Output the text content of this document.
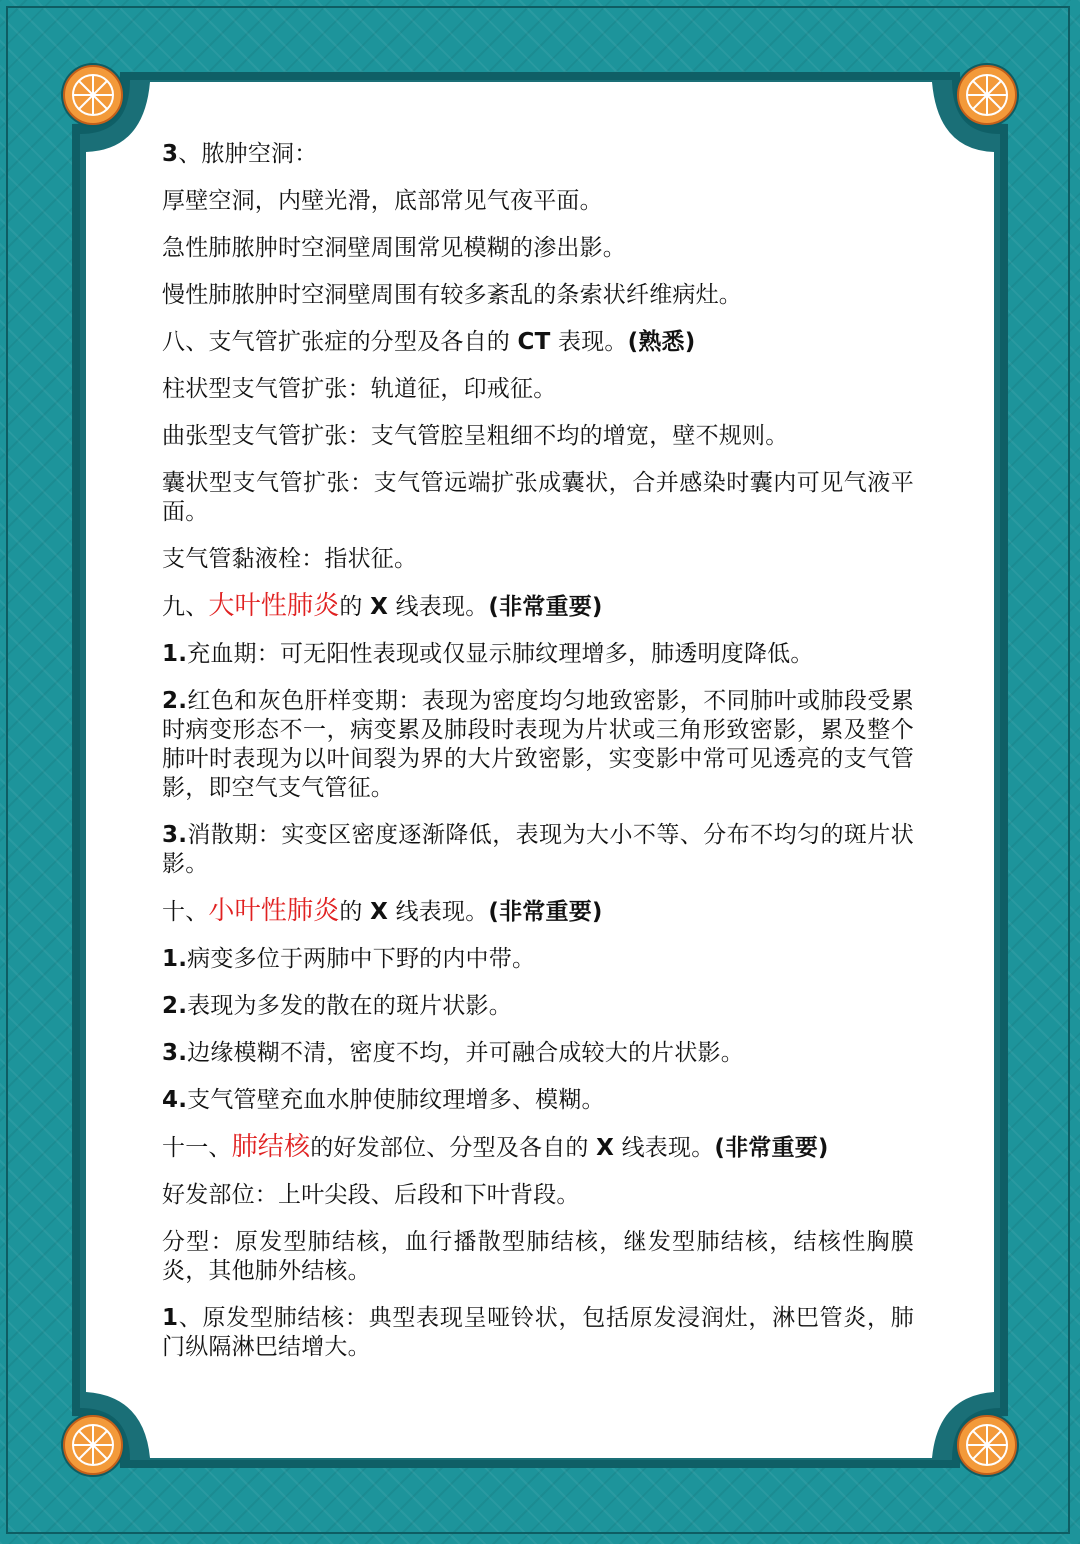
3、脓肿空洞：

厚壁空洞，内壁光滑，底部常见气夜平面。

急性肺脓肿时空洞壁周围常见模糊的渗出影。

慢性肺脓肿时空洞壁周围有较多紊乱的条索状纤维病灶。

八、支气管扩张症的分型及各自的 CT 表现。(熟悉)

柱状型支气管扩张：轨道征，印戒征。

曲张型支气管扩张：支气管腔呈粗细不均的增宽，壁不规则。

囊状型支气管扩张：支气管远端扩张成囊状，合并感染时囊内可见气液平面。

支气管黏液栓：指状征。

九、大叶性肺炎的 X 线表现。(非常重要)

1.充血期：可无阳性表现或仅显示肺纹理增多，肺透明度降低。

2.红色和灰色肝样变期：表现为密度均匀地致密影，不同肺叶或肺段受累时病变形态不一，病变累及肺段时表现为片状或三角形致密影，累及整个肺叶时表现为以叶间裂为界的大片致密影，实变影中常可见透亮的支气管影，即空气支气管征。

3.消散期：实变区密度逐渐降低，表现为大小不等、分布不均匀的斑片状影。

十、小叶性肺炎的 X 线表现。(非常重要)

1.病变多位于两肺中下野的内中带。

2.表现为多发的散在的斑片状影。

3.边缘模糊不清，密度不均，并可融合成较大的片状影。

4.支气管壁充血水肿使肺纹理增多、模糊。

十一、肺结核的好发部位、分型及各自的 X 线表现。(非常重要)

好发部位：上叶尖段、后段和下叶背段。

分型：原发型肺结核，血行播散型肺结核，继发型肺结核，结核性胸膜炎，其他肺外结核。

1、原发型肺结核：典型表现呈哑铃状，包括原发浸润灶，淋巴管炎，肺门纵隔淋巴结增大。
